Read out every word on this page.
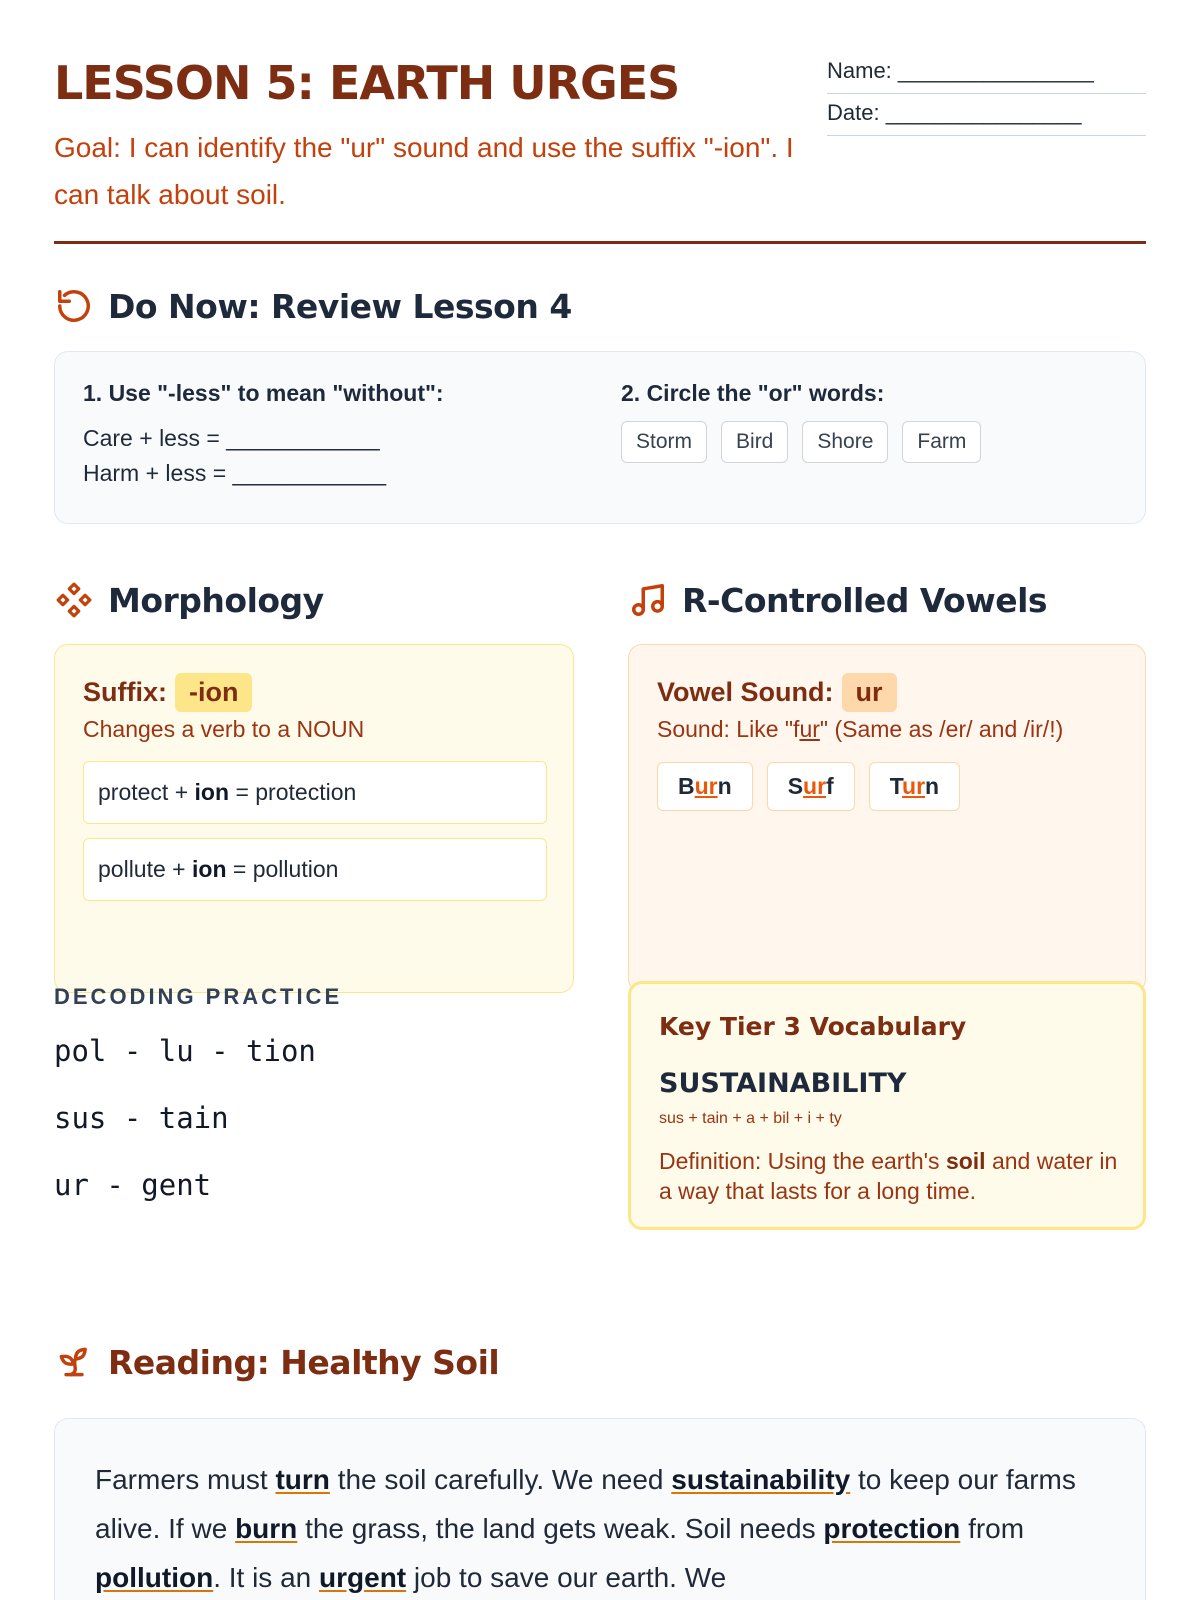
LESSON 5: EARTH URGES
Goal: I can identify the "ur" sound and use the suffix "-ion". I can talk about soil.
Name: ________________
Date: ________________
Do Now: Review Lesson 4
1. Use "-less" to mean "without":
Care + less = ____________
Harm + less = ____________
2. Circle the "or" words:
Storm	Bird	Shore	Farm
Morphology
Suffix: -ion
Changes a verb to a NOUN
protect
+
ion
=
protection
pollute
+
ion
=
pollution
DECODING PRACTICE
pol - lu - tion
sus - tain
ur - gent
R-Controlled Vowels
Vowel Sound: ur
Sound: Like "fur" (Same as /er/ and /ir/!)
Burn	Surf	Turn
Key Tier 3 Vocabulary
SUSTAINABILITY
sus + tain + a + bil + i + ty
Definition: Using the earth's soil and water in a way that lasts for a long time.
Reading: Healthy Soil
Farmers must turn the soil carefully. We need sustainability to keep our farms alive. If we burn the grass, the land gets weak. Soil needs protection from pollution. It is an urgent job to save our earth. We
